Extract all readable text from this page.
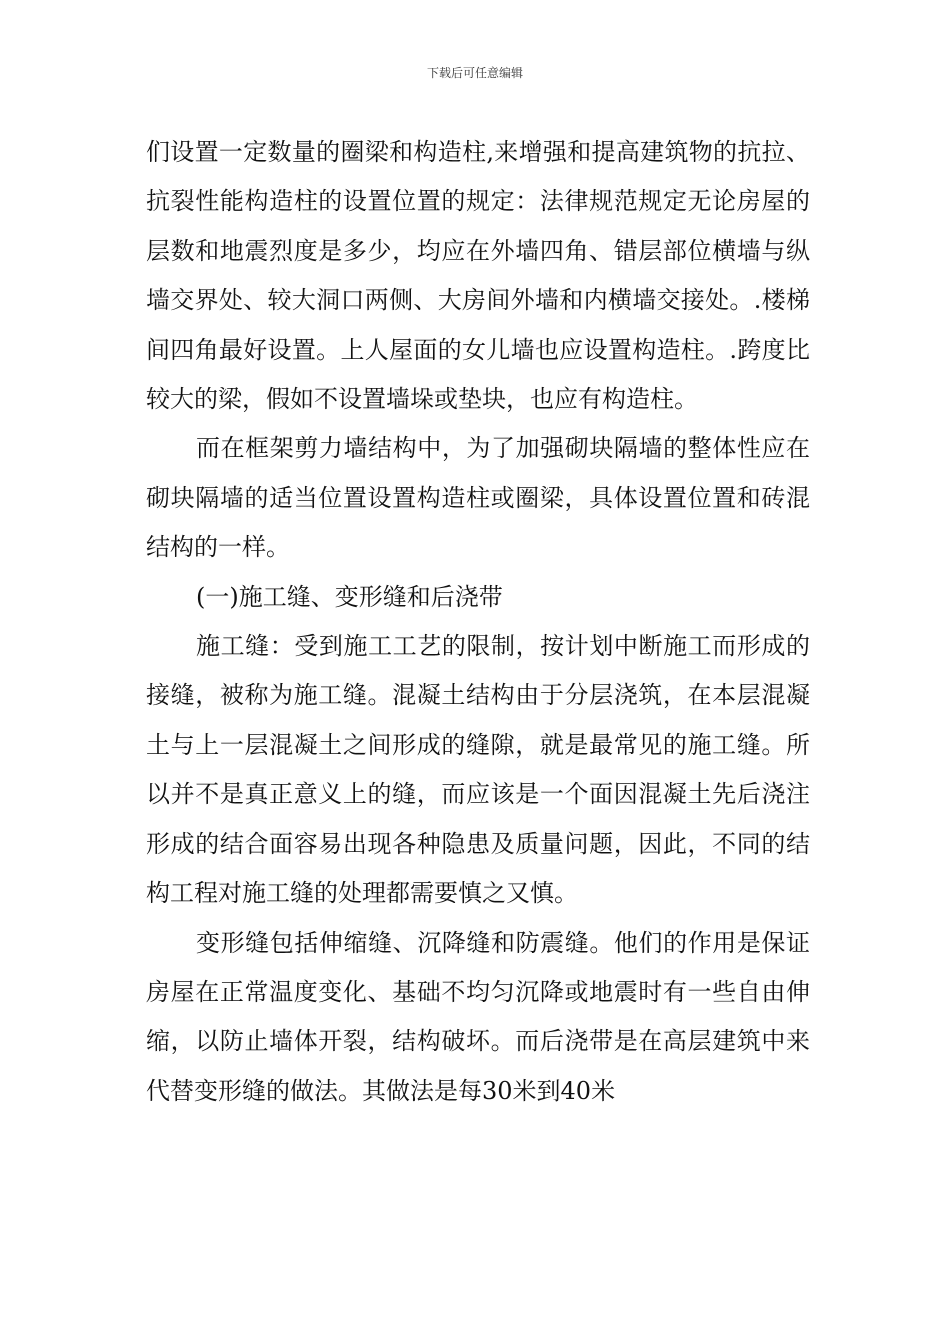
下载后可任意编辑

们设置一定数量的圈梁和构造柱,来增强和提高建筑物的抗拉、抗裂性能构造柱的设置位置的规定：法律规范规定无论房屋的层数和地震烈度是多少，均应在外墙四角、错层部位横墙与纵墙交界处、较大洞口两侧、大房间外墙和内横墙交接处。.楼梯间四角最好设置。上人屋面的女儿墙也应设置构造柱。.跨度比较大的梁，假如不设置墙垛或垫块，也应有构造柱。

而在框架剪力墙结构中，为了加强砌块隔墙的整体性应在砌块隔墙的适当位置设置构造柱或圈梁，具体设置位置和砖混结构的一样。

(一)施工缝、变形缝和后浇带

施工缝：受到施工工艺的限制，按计划中断施工而形成的接缝，被称为施工缝。混凝土结构由于分层浇筑，在本层混凝土与上一层混凝土之间形成的缝隙，就是最常见的施工缝。所以并不是真正意义上的缝，而应该是一个面因混凝土先后浇注形成的结合面容易出现各种隐患及质量问题，因此，不同的结构工程对施工缝的处理都需要慎之又慎。

变形缝包括伸缩缝、沉降缝和防震缝。他们的作用是保证房屋在正常温度变化、基础不均匀沉降或地震时有一些自由伸缩，以防止墙体开裂，结构破坏。而后浇带是在高层建筑中来代替变形缝的做法。其做法是每30米到40米
